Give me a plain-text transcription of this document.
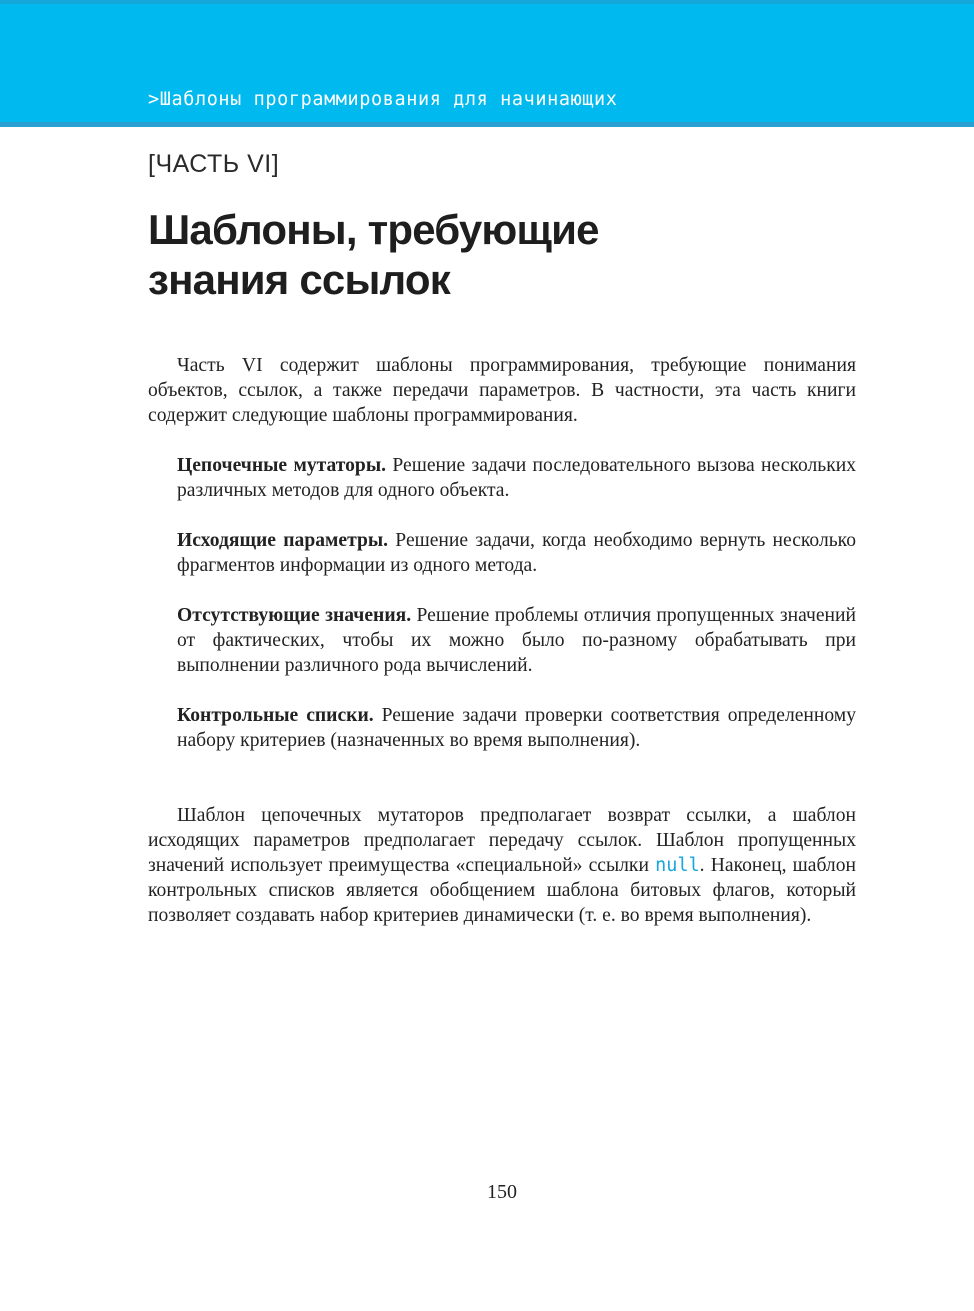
>Шаблоны программирования для начинающих
[ЧАСТЬ VI]
Шаблоны, требующие
знания ссылок

Часть VI содержит шаблоны программирования, требующие понимания объектов, ссылок, а также передачи параметров. В частности, эта часть книги содержит следующие шаблоны программирования.

Цепочечные мутаторы. Решение задачи последовательного вызова нескольких различных методов для одного объекта.

Исходящие параметры. Решение задачи, когда необходимо вернуть несколько фрагментов информации из одного метода.

Отсутствующие значения. Решение проблемы отличия пропущенных значений от фактических, чтобы их можно было по-разному обрабатывать при выполнении различного рода вычислений.

Контрольные списки. Решение задачи проверки соответствия определенному набору критериев (назначенных во время выполнения).

Шаблон цепочечных мутаторов предполагает возврат ссылки, а шаблон исходящих параметров предполагает передачу ссылок. Шаблон пропущенных значений использует преимущества «специальной» ссылки null. Наконец, шаблон контрольных списков является обобщением шаблона битовых флагов, который позволяет создавать набор критериев динамически (т. е. во время выполнения).

150
